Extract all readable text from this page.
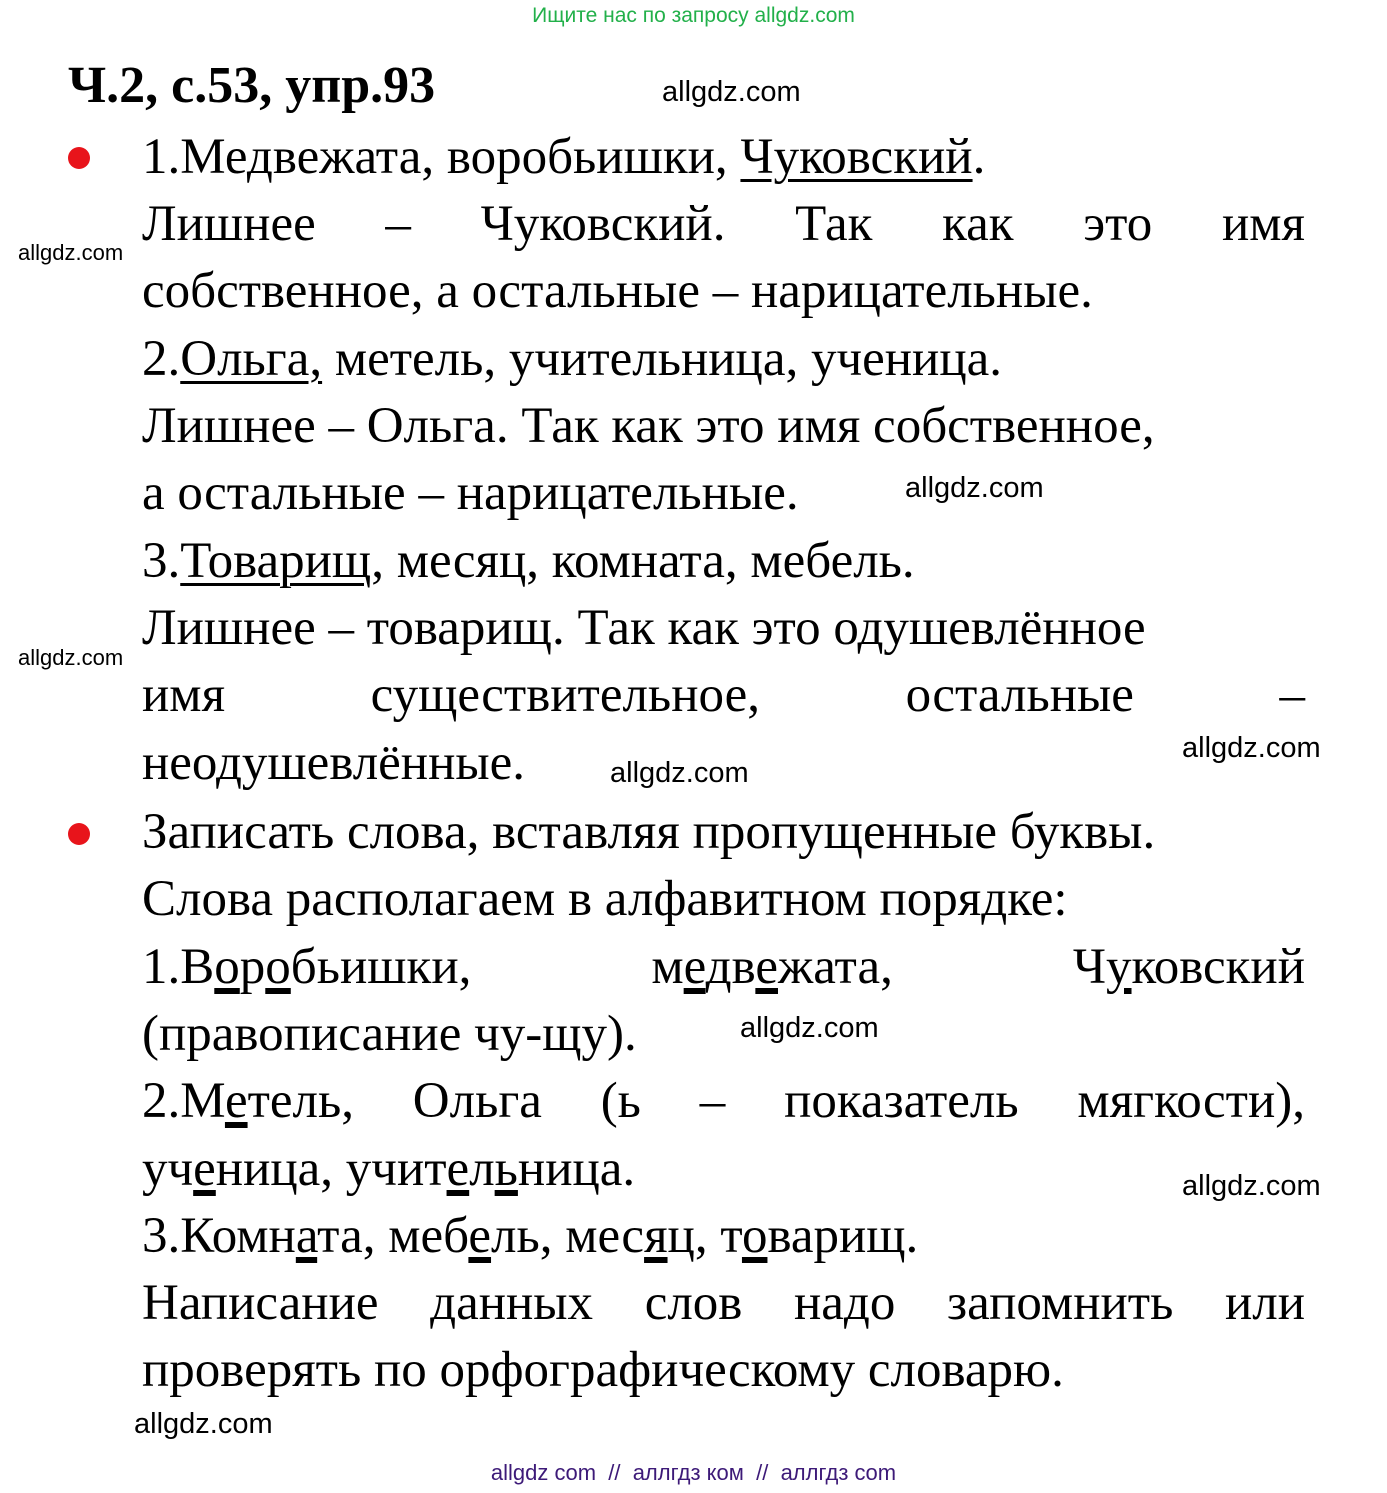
Ищите нас по запросу allgdz.com
Ч.2, с.53, упр.93
1.Медвежата, воробьишки, Чуковский.
Лишнее – Чуковский. Так как это имя
собственное, а остальные – нарицательные.
2.Ольга, метель, учительница, ученица.
Лишнее – Ольга. Так как это имя собственное,
а остальные – нарицательные.
3.Товарищ, месяц, комната, мебель.
Лишнее – товарищ. Так как это одушевлённое
имя существительное, остальные –
неодушевлённые.
Записать слова, вставляя пропущенные буквы.
Слова располагаем в алфавитном порядке:
1.Воробьишки, медвежата, Чуковский
(правописание чу-щу).
2.Метель, Ольга (ь – показатель мягкости),
ученица, учительница.
3.Комната, мебель, месяц, товарищ.
Написание данных слов надо запомнить или
проверять по орфографическому словарю.
allgdz.com
allgdz.com
allgdz.com
allgdz.com
allgdz.com
allgdz.com
allgdz.com
allgdz.com
allgdz.com
allgdz com  //  аллгдз ком  //  аллгдз com
